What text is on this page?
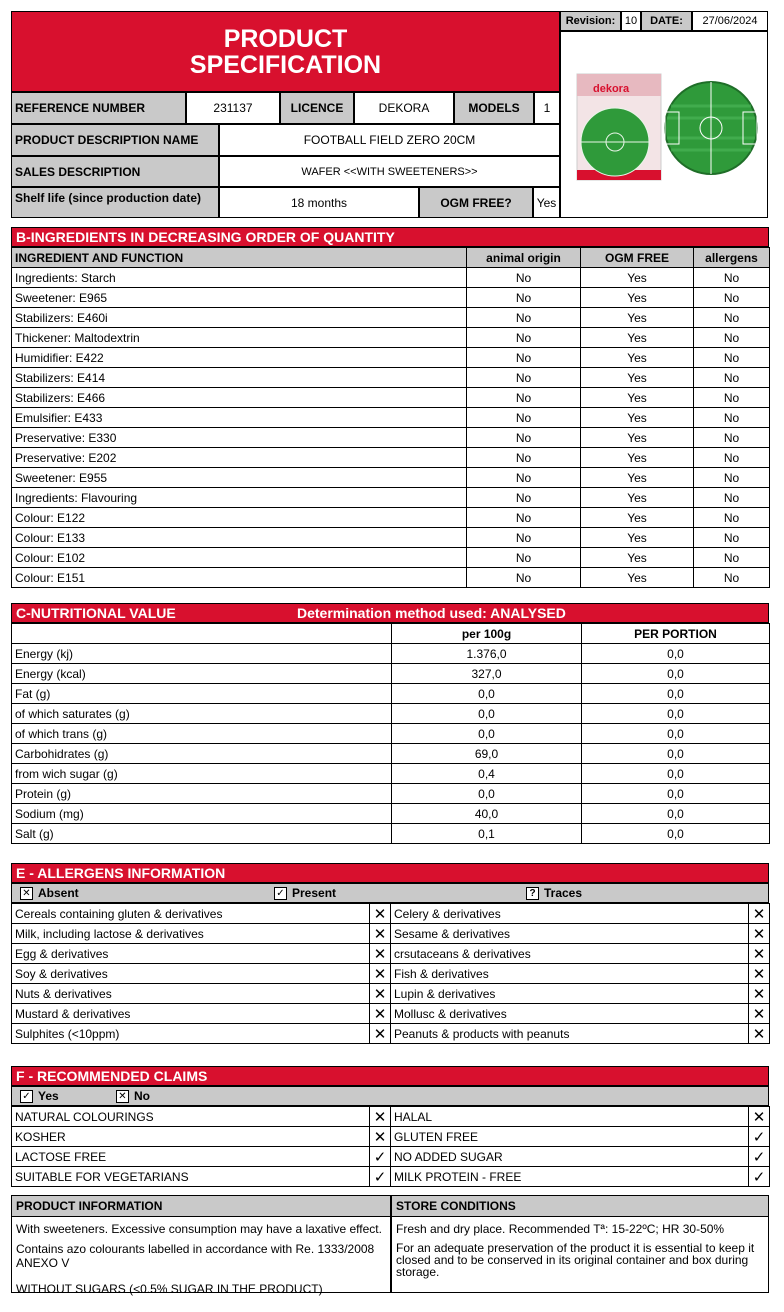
PRODUCT
SPECIFICATION
Revision: 10	DATE:	27/06/2024
dekora
REFERENCE NUMBER	231137	LICENCE	DEKORA	MODELS	1
PRODUCT DESCRIPTION NAME	FOOTBALL FIELD ZERO 20CM
SALES DESCRIPTION	WAFER <<WITH SWEETENERS>>
Shelf life (since production date)	18 months	OGM FREE?	Yes
B-INGREDIENTS IN DECREASING ORDER OF QUANTITY
INGREDIENT AND FUNCTION	animal origin	OGM FREE	allergens
Ingredients: Starch	No	Yes	No
Sweetener: E965	No	Yes	No
Stabilizers: E460i	No	Yes	No
Thickener: Maltodextrin	No	Yes	No
Humidifier: E422	No	Yes	No
Stabilizers: E414	No	Yes	No
Stabilizers: E466	No	Yes	No
Emulsifier: E433	No	Yes	No
Preservative: E330	No	Yes	No
Preservative: E202	No	Yes	No
Sweetener: E955	No	Yes	No
Ingredients: Flavouring	No	Yes	No
Colour: E122	No	Yes	No
Colour: E133	No	Yes	No
Colour: E102	No	Yes	No
Colour: E151	No	Yes	No
C-NUTRITIONAL VALUE	Determination method used: ANALYSED
	per 100g	PER PORTION
Energy (kj)	1.376,0	0,0
Energy (kcal)	327,0	0,0
Fat (g)	0,0	0,0
of which saturates (g)	0,0	0,0
of which trans (g)	0,0	0,0
Carbohidrates (g)	69,0	0,0
from wich sugar (g)	0,4	0,0
Protein (g)	0,0	0,0
Sodium (mg)	40,0	0,0
Salt (g)	0,1	0,0
E - ALLERGENS INFORMATION
✕ Absent	✓ Present	? Traces
Cereals containing gluten & derivatives	✕	Celery & derivatives	✕
Milk, including lactose & derivatives	✕	Sesame & derivatives	✕
Egg & derivatives	✕	crsutaceans & derivatives	✕
Soy & derivatives	✕	Fish & derivatives	✕
Nuts & derivatives	✕	Lupin & derivatives	✕
Mustard & derivatives	✕	Mollusc & derivatives	✕
Sulphites (<10ppm)	✕	Peanuts & products with peanuts	✕
F - RECOMMENDED CLAIMS
✓ Yes	✕ No
NATURAL COLOURINGS	✕	HALAL	✕
KOSHER	✕	GLUTEN FREE	✓
LACTOSE FREE	✓	NO ADDED SUGAR	✓
SUITABLE FOR VEGETARIANS	✓	MILK PROTEIN - FREE	✓
PRODUCT INFORMATION
With sweeteners. Excessive consumption may have a laxative effect.
Contains azo colourants labelled in accordance with Re. 1333/2008 ANEXO V
WITHOUT SUGARS (<0.5% SUGAR IN THE PRODUCT)
STORE CONDITIONS
Fresh and dry place. Recommended Tª: 15-22ºC; HR 30-50%
For an adequate preservation of the product it is essential to keep it closed and to be conserved in its original container and box during storage.
